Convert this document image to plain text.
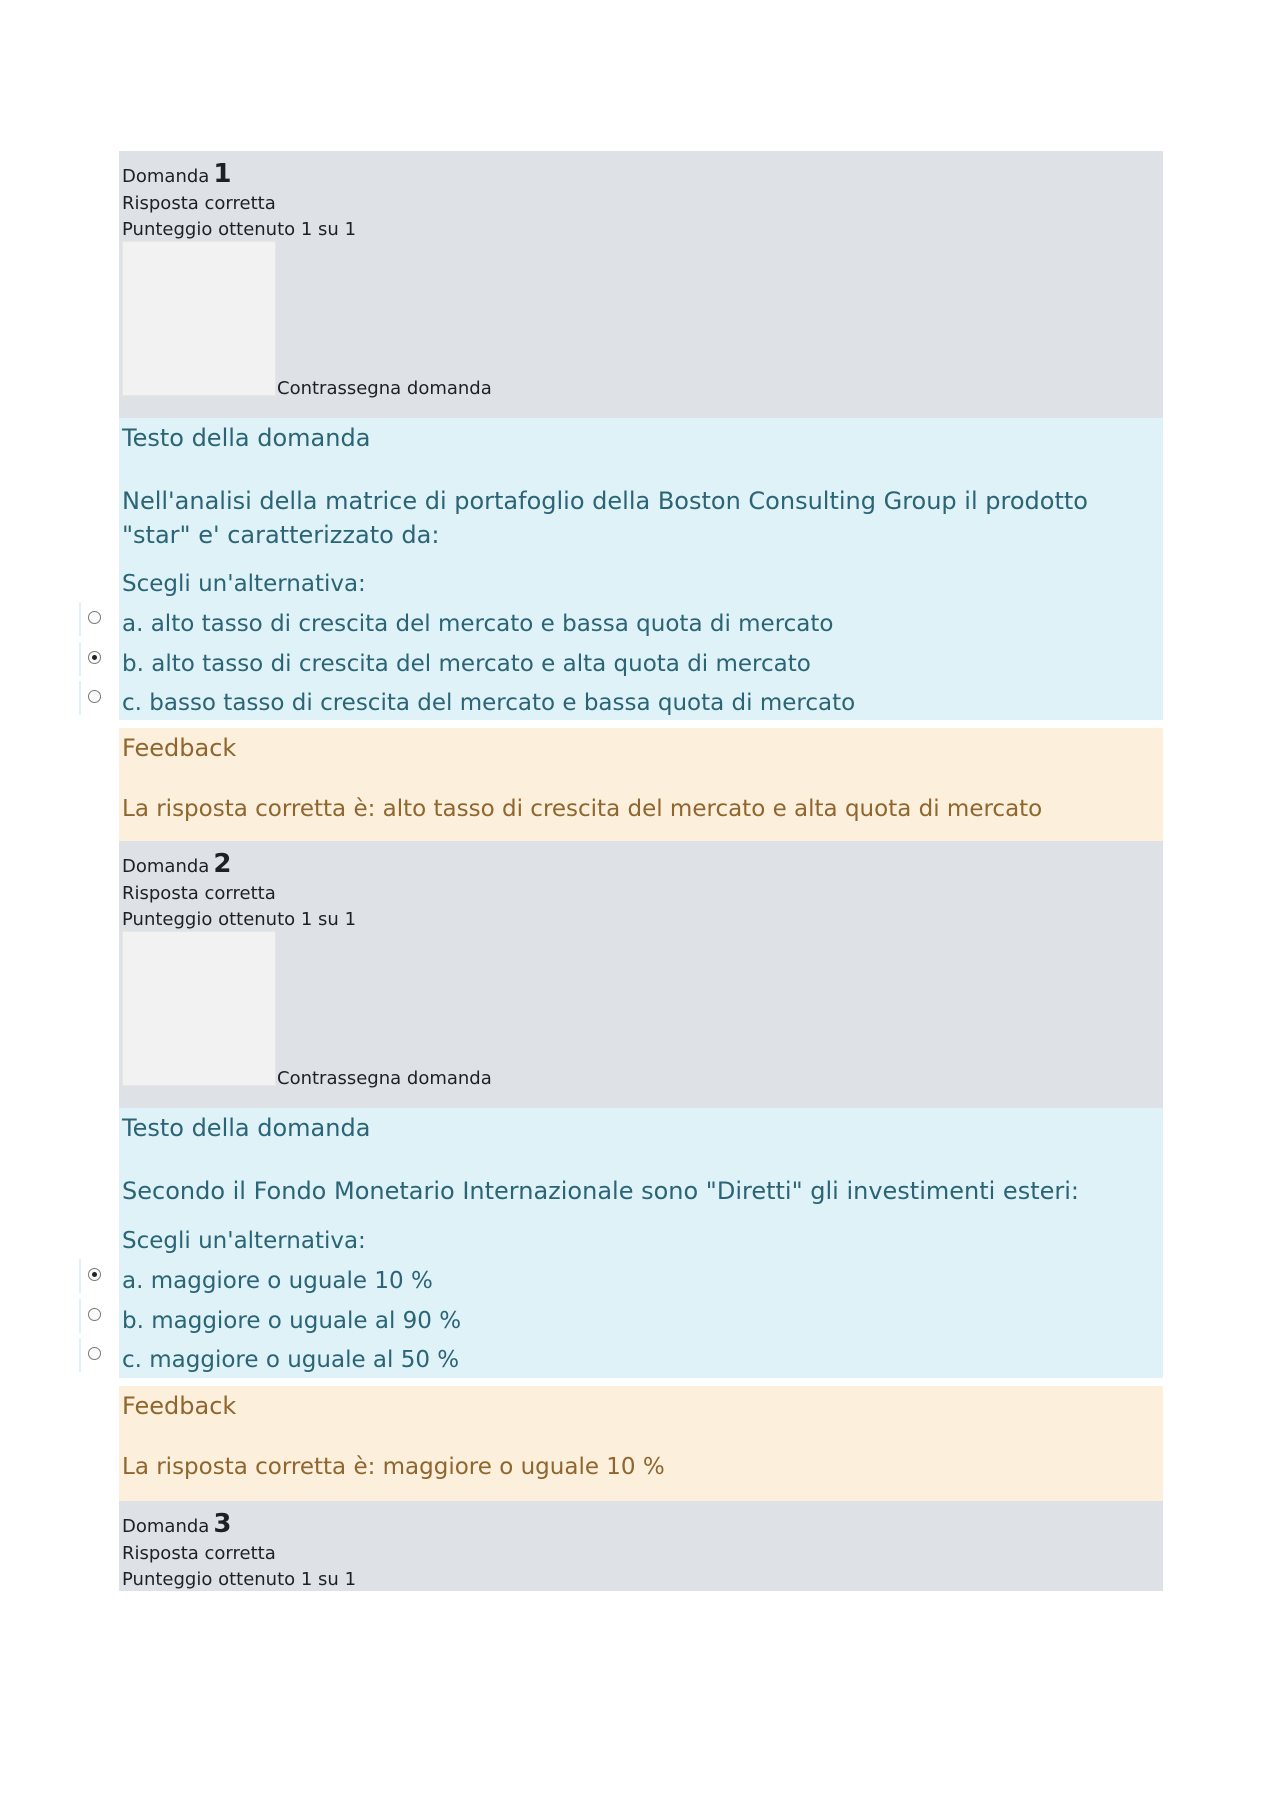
Domanda 1
Risposta corretta
Punteggio ottenuto 1 su 1
Contrassegna domanda
Testo della domanda
Nell'analisi della matrice di portafoglio della Boston Consulting Group il prodotto "star" e' caratterizzato da:
Scegli un'alternativa:
a. alto tasso di crescita del mercato e bassa quota di mercato
b. alto tasso di crescita del mercato e alta quota di mercato
c. basso tasso di crescita del mercato e bassa quota di mercato
Feedback
La risposta corretta è: alto tasso di crescita del mercato e alta quota di mercato
Domanda 2
Risposta corretta
Punteggio ottenuto 1 su 1
Contrassegna domanda
Testo della domanda
Secondo il Fondo Monetario Internazionale sono "Diretti" gli investimenti esteri:
Scegli un'alternativa:
a. maggiore o uguale 10 %
b. maggiore o uguale al 90 %
c. maggiore o uguale al 50 %
Feedback
La risposta corretta è: maggiore o uguale 10 %
Domanda 3
Risposta corretta
Punteggio ottenuto 1 su 1
